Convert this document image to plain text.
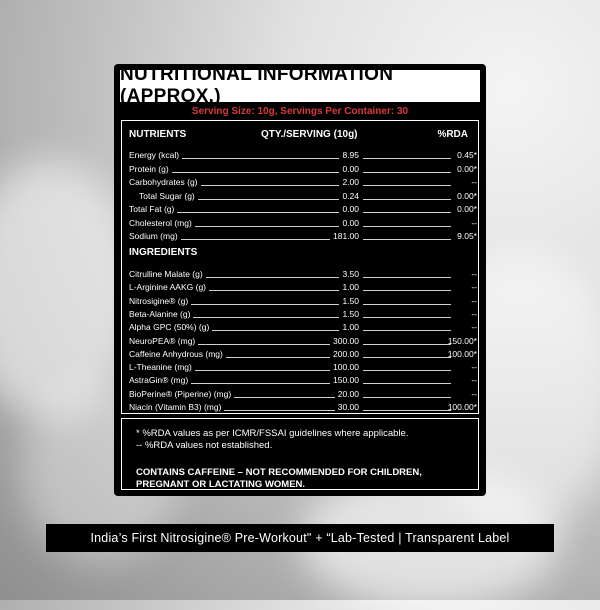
NUTRITIONAL INFORMATION (APPROX.)
Serving Size: 10g, Servings Per Container: 30
NUTRIENTS	QTY./SERVING (10g)	%RDA
Energy (kcal)	8.95	0.45*
Protein (g)	0.00	0.00*
Carbohydrates (g)	2.00	--
Total Sugar (g)	0.24	0.00*
Total Fat (g)	0.00	0.00*
Cholesterol (mg)	0.00	--
Sodium (mg)	181.00	9.05*
INGREDIENTS
Citrulline Malate (g)	3.50	--
L-Arginine AAKG (g)	1.00	--
Nitrosigine® (g)	1.50	--
Beta-Alanine (g)	1.50	--
Alpha GPC (50%) (g)	1.00	--
NeuroPEA® (mg)	300.00	150.00*
Caffeine Anhydrous (mg)	200.00	100.00*
L-Theanine (mg)	100.00	--
AstraGin® (mg)	150.00	--
BioPerine® (Piperine) (mg)	20.00	--
Niacin (Vitamin B3) (mg)	30.00	100.00*
* %RDA values as per ICMR/FSSAI guidelines where applicable.
-- %RDA values not established.
CONTAINS CAFFEINE – NOT RECOMMENDED FOR CHILDREN, PREGNANT OR LACTATING WOMEN.
India’s First Nitrosigine® Pre-Workout" + “Lab-Tested | Transparent Label
